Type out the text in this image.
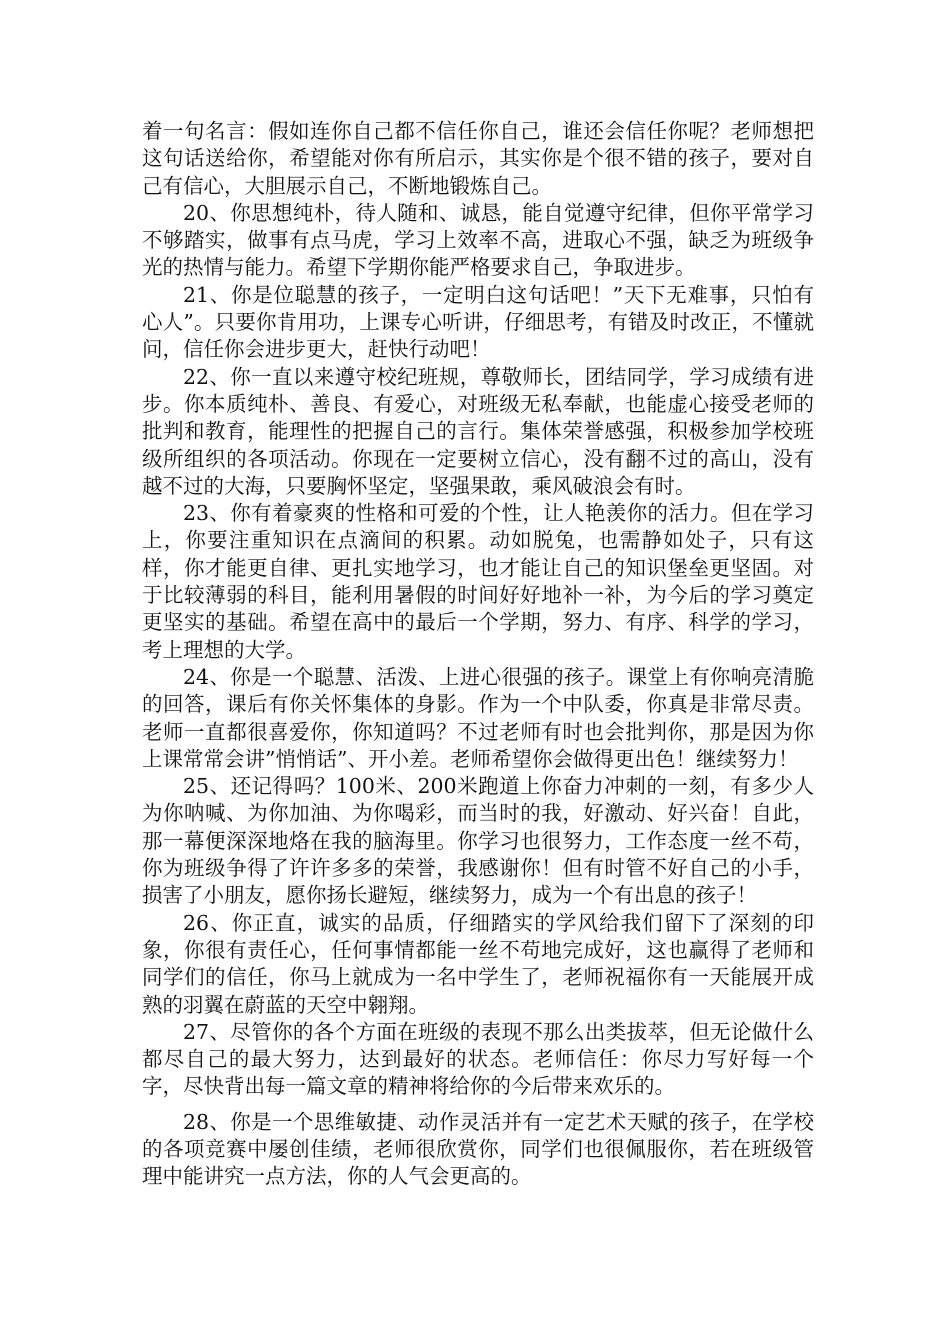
着一句名言：假如连你自己都不信任你自己，谁还会信任你呢？老师想把这句话送给你，希望能对你有所启示，其实你是个很不错的孩子，要对自己有信心，大胆展示自己，不断地锻炼自己。

20、你思想纯朴，待人随和、诚恳，能自觉遵守纪律，但你平常学习不够踏实，做事有点马虎，学习上效率不高，进取心不强，缺乏为班级争光的热情与能力。希望下学期你能严格要求自己，争取进步。

21、你是位聪慧的孩子，一定明白这句话吧！”天下无难事，只怕有心人”。只要你肯用功，上课专心听讲，仔细思考，有错及时改正，不懂就问，信任你会进步更大，赶快行动吧！

22、你一直以来遵守校纪班规，尊敬师长，团结同学，学习成绩有进步。你本质纯朴、善良、有爱心，对班级无私奉献，也能虚心接受老师的批判和教育，能理性的把握自己的言行。集体荣誉感强，积极参加学校班级所组织的各项活动。你现在一定要树立信心，没有翻不过的高山，没有越不过的大海，只要胸怀坚定，坚强果敢，乘风破浪会有时。

23、你有着豪爽的性格和可爱的个性，让人艳羡你的活力。但在学习上，你要注重知识在点滴间的积累。动如脱兔，也需静如处子，只有这样，你才能更自律、更扎实地学习，也才能让自己的知识堡垒更坚固。对于比较薄弱的科目，能利用暑假的时间好好地补一补，为今后的学习奠定更坚实的基础。希望在高中的最后一个学期，努力、有序、科学的学习，考上理想的大学。

24、你是一个聪慧、活泼、上进心很强的孩子。课堂上有你响亮清脆的回答，课后有你关怀集体的身影。作为一个中队委，你真是非常尽责。老师一直都很喜爱你，你知道吗？不过老师有时也会批判你，那是因为你上课常常会讲”悄悄话”、开小差。老师希望你会做得更出色！继续努力！

25、还记得吗？100米、200米跑道上你奋力冲刺的一刻，有多少人为你呐喊、为你加油、为你喝彩，而当时的我，好激动、好兴奋！自此，那一幕便深深地烙在我的脑海里。你学习也很努力，工作态度一丝不苟，你为班级争得了许许多多的荣誉，我感谢你！但有时管不好自己的小手，损害了小朋友，愿你扬长避短，继续努力，成为一个有出息的孩子！

26、你正直，诚实的品质，仔细踏实的学风给我们留下了深刻的印象，你很有责任心，任何事情都能一丝不苟地完成好，这也赢得了老师和同学们的信任，你马上就成为一名中学生了，老师祝福你有一天能展开成熟的羽翼在蔚蓝的天空中翱翔。

27、尽管你的各个方面在班级的表现不那么出类拔萃，但无论做什么都尽自己的最大努力，达到最好的状态。老师信任：你尽力写好每一个字，尽快背出每一篇文章的精神将给你的今后带来欢乐的。

28、你是一个思维敏捷、动作灵活并有一定艺术天赋的孩子，在学校的各项竞赛中屡创佳绩，老师很欣赏你，同学们也很佩服你，若在班级管理中能讲究一点方法，你的人气会更高的。
